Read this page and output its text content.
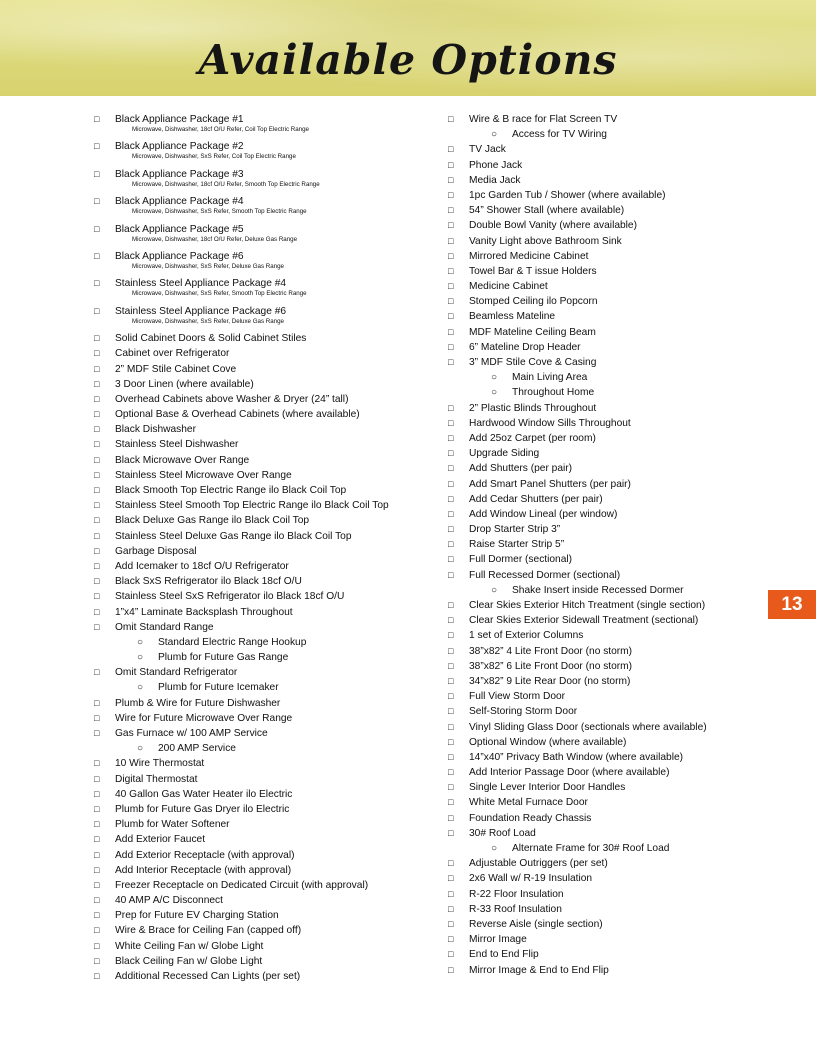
Available Options
□ Black Appliance Package #1
Microwave, Dishwasher, 18cf O/U Refer, Coil Top Electric Range
□ Black Appliance Package #2
Microwave, Dishwasher, SxS Refer, Coil Top Electric Range
□ Black Appliance Package #3
Microwave, Dishwasher, 18cf O/U Refer, Smooth Top Electric Range
□ Black Appliance Package #4
Microwave, Dishwasher, SxS Refer, Smooth Top Electric Range
□ Black Appliance Package #5
Microwave, Dishwasher, 18cf O/U Refer, Deluxe Gas Range
□ Black Appliance Package #6
Microwave, Dishwasher, SxS Refer, Deluxe Gas Range
□ Stainless Steel Appliance Package #4
Microwave, Dishwasher, SxS Refer, Smooth Top Electric Range
□ Stainless Steel Appliance Package #6
Microwave, Dishwasher, SxS Refer, Deluxe Gas Range
□ Solid Cabinet Doors & Solid Cabinet Stiles
□ Cabinet over Refrigerator
□ 2” MDF Stile Cabinet Cove
□ 3 Door Linen (where available)
□ Overhead Cabinets above Washer & Dryer (24” tall)
□ Optional Base & Overhead Cabinets (where available)
□ Black Dishwasher
□ Stainless Steel Dishwasher
□ Black Microwave Over Range
□ Stainless Steel Microwave Over Range
□ Black Smooth Top Electric Range ilo Black Coil Top
□ Stainless Steel Smooth Top Electric Range ilo Black Coil Top
□ Black Deluxe Gas Range ilo Black Coil Top
□ Stainless Steel Deluxe Gas Range ilo Black Coil Top
□ Garbage Disposal
□ Add Icemaker to 18cf O/U Refrigerator
□ Black SxS Refrigerator ilo Black 18cf O/U
□ Stainless Steel SxS Refrigerator ilo Black 18cf O/U
□ 1”x4” Laminate Backsplash Throughout
□ Omit Standard Range
○ Standard Electric Range Hookup
○ Plumb for Future Gas Range
□ Omit Standard Refrigerator
○ Plumb for Future Icemaker
□ Plumb & Wire for Future Dishwasher
□ Wire for Future Microwave Over Range
□ Gas Furnace w/ 100 AMP Service
○ 200 AMP Service
□ 10 Wire Thermostat
□ Digital Thermostat
□ 40 Gallon Gas Water Heater ilo Electric
□ Plumb for Future Gas Dryer ilo Electric
□ Plumb for Water Softener
□ Add Exterior Faucet
□ Add Exterior Receptacle (with approval)
□ Add Interior Receptacle (with approval)
□ Freezer Receptacle on Dedicated Circuit (with approval)
□ 40 AMP A/C Disconnect
□ Prep for Future EV Charging Station
□ Wire & Brace for Ceiling Fan (capped off)
□ White Ceiling Fan w/ Globe Light
□ Black Ceiling Fan w/ Globe Light
□ Additional Recessed Can Lights (per set)
□ Wire & B race for Flat Screen TV
○ Access for TV Wiring
□ TV Jack
□ Phone Jack
□ Media Jack
□ 1pc Garden Tub / Shower (where available)
□ 54” Shower Stall (where available)
□ Double Bowl Vanity (where available)
□ Vanity Light above Bathroom Sink
□ Mirrored Medicine Cabinet
□ Towel Bar & T issue Holders
□ Medicine Cabinet
□ Stomped Ceiling ilo Popcorn
□ Beamless Mateline
□ MDF Mateline Ceiling Beam
□ 6” Mateline Drop Header
□ 3” MDF Stile Cove & Casing
○ Main Living Area
○ Throughout Home
□ 2” Plastic Blinds Throughout
□ Hardwood Window Sills Throughout
□ Add 25oz Carpet (per room)
□ Upgrade Siding
□ Add Shutters (per pair)
□ Add Smart Panel Shutters (per pair)
□ Add Cedar Shutters (per pair)
□ Add Window Lineal (per window)
□ Drop Starter Strip 3”
□ Raise Starter Strip 5”
□ Full Dormer (sectional)
□ Full Recessed Dormer (sectional)
○ Shake Insert inside Recessed Dormer
□ Clear Skies Exterior Hitch Treatment (single section)
□ Clear Skies Exterior Sidewall Treatment (sectional)
□ 1 set of Exterior Columns
□ 38”x82” 4 Lite Front Door (no storm)
□ 38”x82” 6 Lite Front Door (no storm)
□ 34”x82” 9 Lite Rear Door (no storm)
□ Full View Storm Door
□ Self-Storing Storm Door
□ Vinyl Sliding Glass Door (sectionals where available)
□ Optional Window (where available)
□ 14”x40” Privacy Bath Window (where available)
□ Add Interior Passage Door (where available)
□ Single Lever Interior Door Handles
□ White Metal Furnace Door
□ Foundation Ready Chassis
□ 30# Roof Load
○ Alternate Frame for 30# Roof Load
□ Adjustable Outriggers (per set)
□ 2x6 Wall w/ R-19 Insulation
□ R-22 Floor Insulation
□ R-33 Roof Insulation
□ Reverse Aisle (single section)
□ Mirror Image
□ End to End Flip
□ Mirror Image & End to End Flip
13
